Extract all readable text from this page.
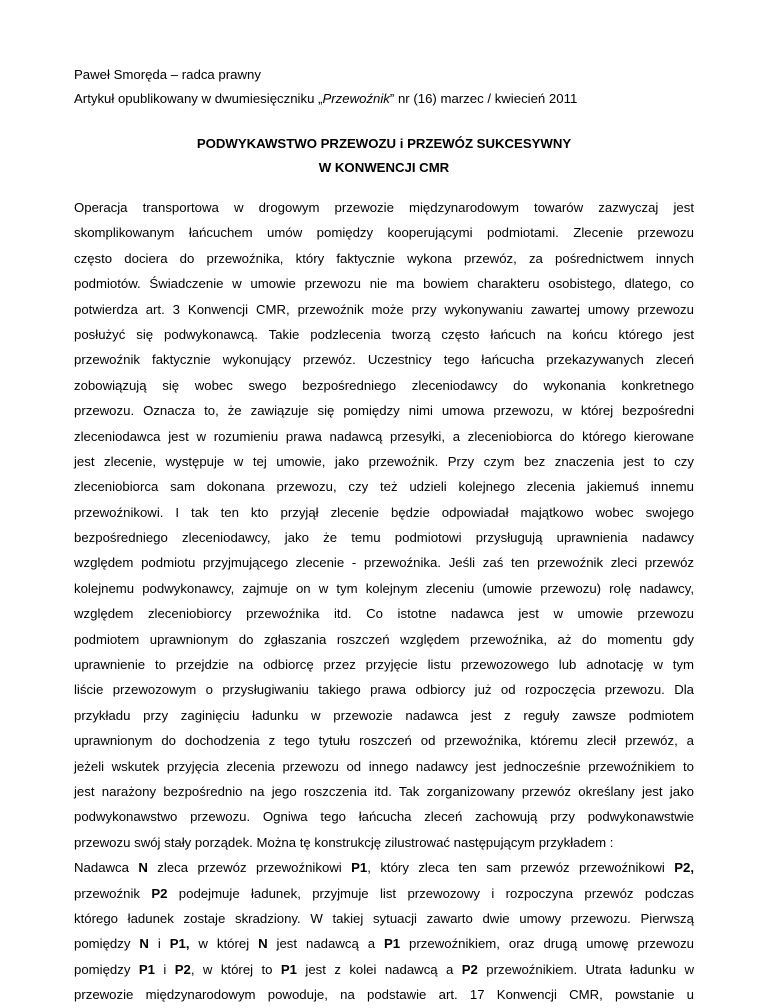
Paweł Smoręda – radca prawny
Artykuł opublikowany w dwumiesięczniku „Przewoźnik” nr (16) marzec / kwiecień 2011
PODWYKAWSTWO PRZEWOZU i PRZEWÓZ SUKCESYWNY
W KONWENCJI CMR
Operacja transportowa w drogowym przewozie międzynarodowym towarów zazwyczaj jest
skomplikowanym łańcuchem umów pomiędzy kooperującymi podmiotami. Zlecenie przewozu
często dociera do przewoźnika, który faktycznie wykona przewóz, za pośrednictwem innych
podmiotów. Świadczenie w umowie przewozu nie ma bowiem charakteru osobistego, dlatego, co
potwierdza art. 3 Konwencji CMR, przewoźnik może przy wykonywaniu zawartej umowy przewozu
posłużyć się podwykonawcą. Takie podzlecenia tworzą często łańcuch na końcu którego jest
przewoźnik faktycznie wykonujący przewóz. Uczestnicy tego łańcucha przekazywanych zleceń
zobowiązują się wobec swego bezpośredniego zleceniodawcy do wykonania konkretnego
przewozu. Oznacza to, że zawiązuje się pomiędzy nimi umowa przewozu, w której bezpośredni
zleceniodawca jest w rozumieniu prawa nadawcą przesyłki, a zleceniobiorca do którego kierowane
jest zlecenie, występuje w tej umowie, jako przewoźnik. Przy czym bez znaczenia jest to czy
zleceniobiorca sam dokonana przewozu, czy też udzieli kolejnego zlecenia jakiemuś innemu
przewoźnikowi. I tak ten kto przyjął zlecenie będzie odpowiadał majątkowo wobec swojego
bezpośredniego zleceniodawcy, jako że temu podmiotowi przysługują uprawnienia nadawcy
względem podmiotu przyjmującego zlecenie - przewoźnika. Jeśli zaś ten przewoźnik zleci przewóz
kolejnemu podwykonawcy, zajmuje on w tym kolejnym zleceniu (umowie przewozu) rolę nadawcy,
względem zleceniobiorcy przewoźnika itd. Co istotne nadawca jest w umowie przewozu
podmiotem uprawnionym do zgłaszania roszczeń względem przewoźnika, aż do momentu gdy
uprawnienie to przejdzie na odbiorcę przez przyjęcie listu przewozowego lub adnotację w tym
liście przewozowym o przysługiwaniu takiego prawa odbiorcy już od rozpoczęcia przewozu. Dla
przykładu przy zaginięciu ładunku w przewozie nadawca jest z reguły zawsze podmiotem
uprawnionym do dochodzenia z tego tytułu roszczeń od przewoźnika, któremu zlecił przewóz, a
jeżeli wskutek przyjęcia zlecenia przewozu od innego nadawcy jest jednocześnie przewoźnikiem to
jest narażony bezpośrednio na jego roszczenia itd. Tak zorganizowany przewóz określany jest jako
podwykonawstwo przewozu. Ogniwa tego łańcucha zleceń zachowują przy podwykonawstwie
przewozu swój stały porządek. Można tę konstrukcję zilustrować następującym przykładem :
Nadawca N zleca przewóz przewoźnikowi P1, który zleca ten sam przewóz przewoźnikowi P2,
przewoźnik P2 podejmuje ładunek, przyjmuje list przewozowy i rozpoczyna przewóz podczas
którego ładunek zostaje skradziony. W takiej sytuacji zawarto dwie umowy przewozu. Pierwszą
pomiędzy N i P1, w której N jest nadawcą a P1 przewoźnikiem, oraz drugą umowę przewozu
pomiędzy P1 i P2, w której to P1 jest z kolei nadawcą a P2 przewoźnikiem. Utrata ładunku w
przewozie międzynarodowym powoduje, na podstawie art. 17 Konwencji CMR, powstanie u
